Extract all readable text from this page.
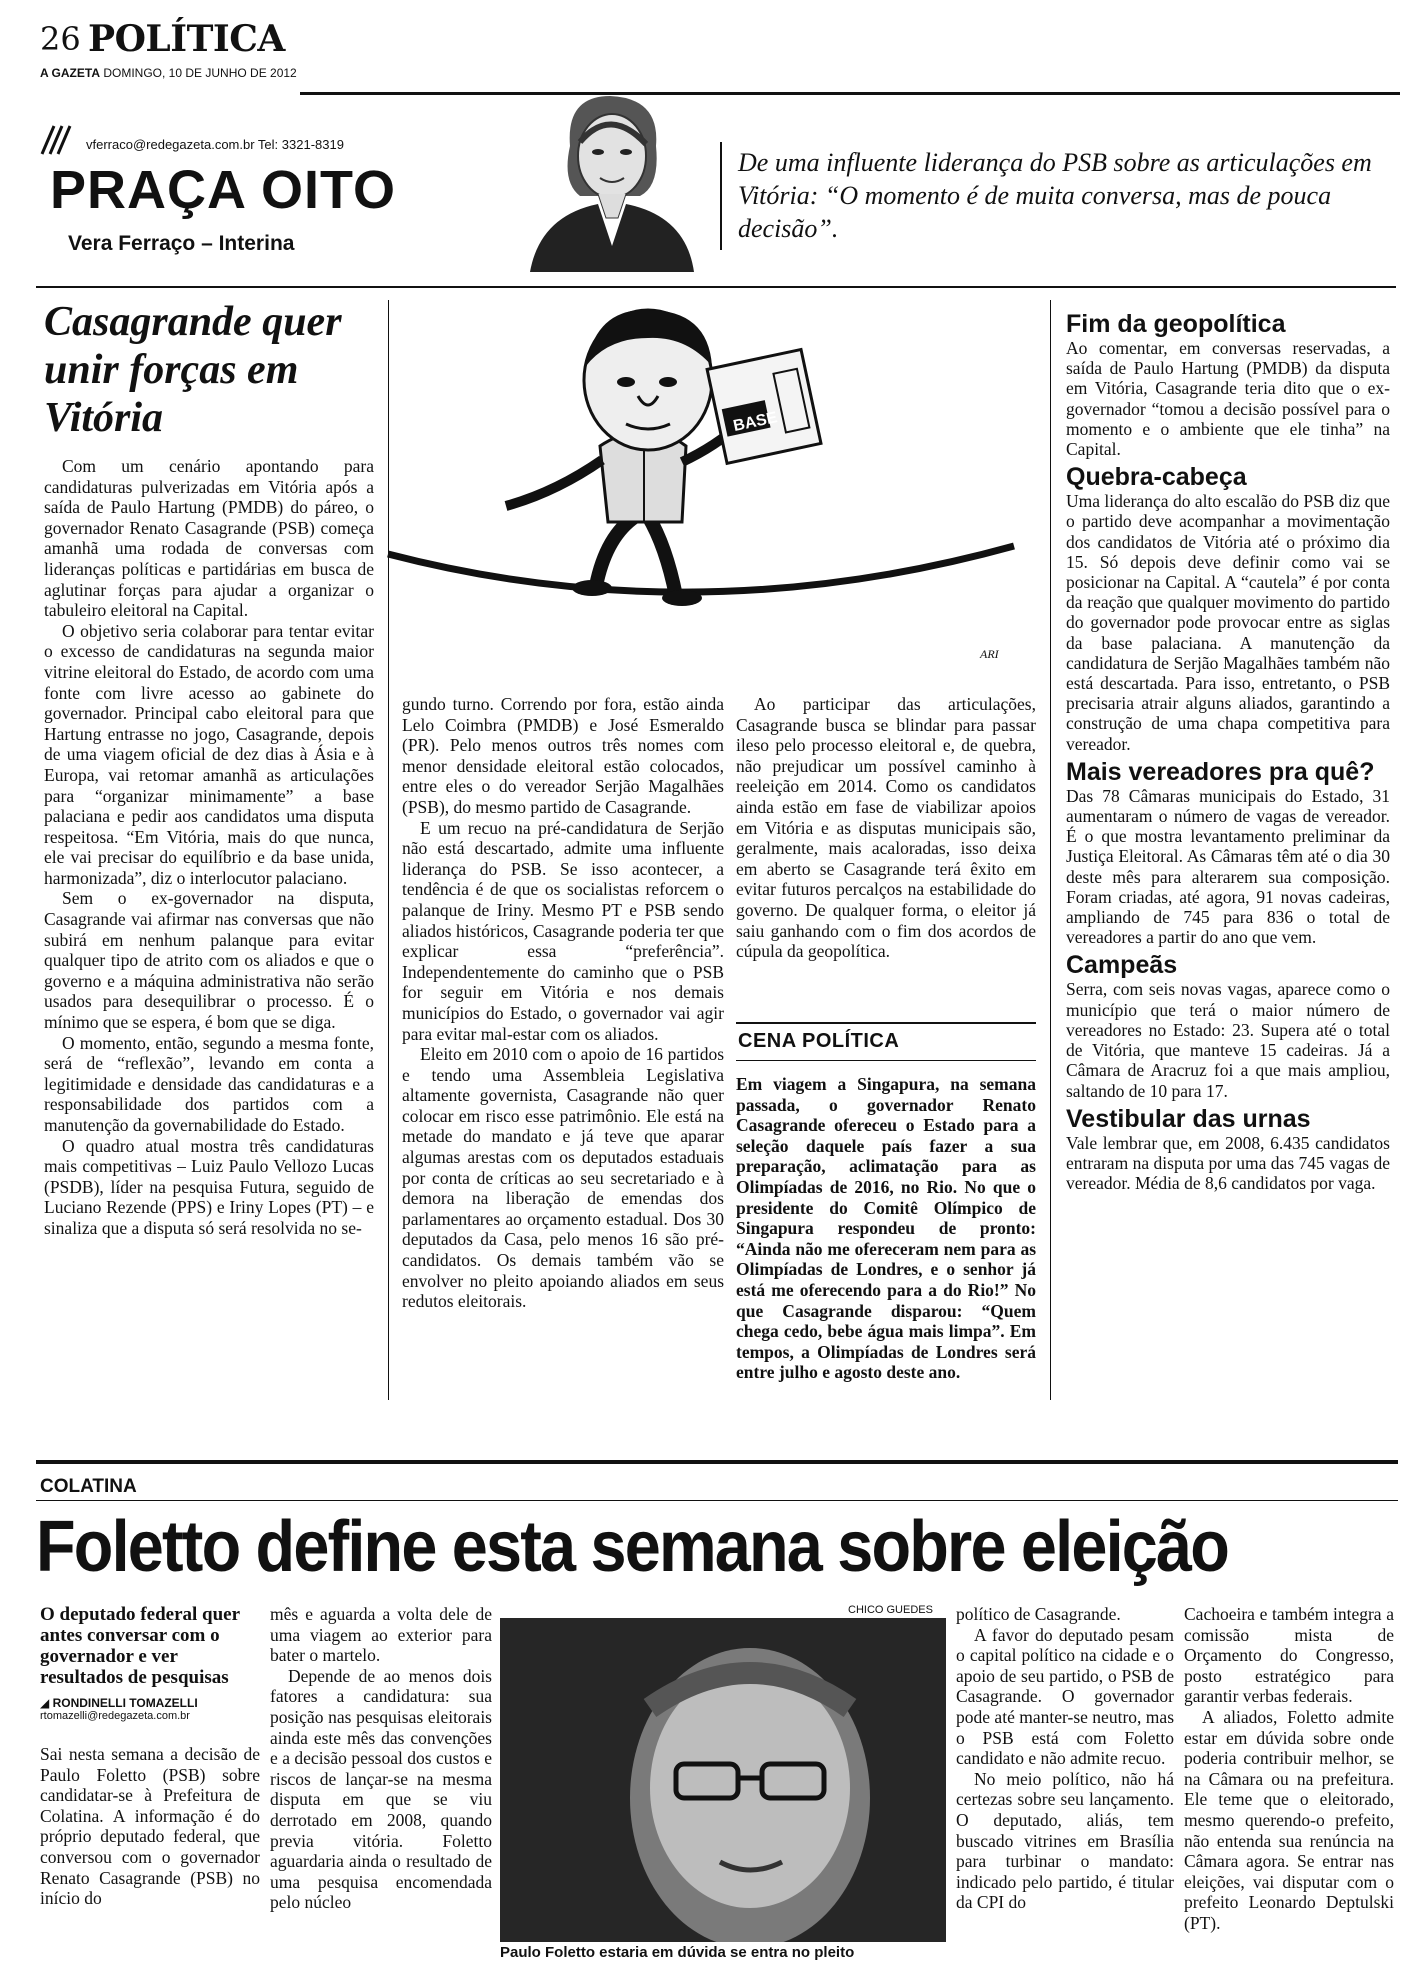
26 POLÍTICA
A GAZETA DOMINGO, 10 DE JUNHO DE 2012
vferraco@redegazeta.com.br Tel: 3321-8319
PRAÇA OITO
Vera Ferraço – Interina
De uma influente liderança do PSB sobre as articulações em Vitória: “O momento é de muita conversa, mas de pouca decisão”.
Casagrande quer unir forças em Vitória	BASE
ARI

Com um cenário apontando para candidaturas pulverizadas em Vitória após a saída de Paulo Hartung (PMDB) do páreo, o governador Renato Casagrande (PSB) começa amanhã uma rodada de conversas com lideranças políticas e partidárias em busca de aglutinar forças para ajudar a organizar o tabuleiro eleitoral na Capital.

O objetivo seria colaborar para tentar evitar o excesso de candidaturas na segunda maior vitrine eleitoral do Estado, de acordo com uma fonte com livre acesso ao gabinete do governador. Principal cabo eleitoral para que Hartung entrasse no jogo, Casagrande, depois de uma viagem oficial de dez dias à Ásia e à Europa, vai retomar amanhã as articulações para “organizar minimamente” a base palaciana e pedir aos candidatos uma disputa respeitosa. “Em Vitória, mais do que nunca, ele vai precisar do equilíbrio e da base unida, harmonizada”, diz o interlocutor palaciano.

Sem o ex-governador na disputa, Casagrande vai afirmar nas conversas que não subirá em nenhum palanque para evitar qualquer tipo de atrito com os aliados e que o governo e a máquina administrativa não serão usados para desequilibrar o processo. É o mínimo que se espera, é bom que se diga.

O momento, então, segundo a mesma fonte, será de “reflexão”, levando em conta a legitimidade e densidade das candidaturas e a responsabilidade dos partidos com a manutenção da governabilidade do Estado.

O quadro atual mostra três candidaturas mais competitivas – Luiz Paulo Vellozo Lucas (PSDB), líder na pesquisa Futura, seguido de Luciano Rezende (PPS) e Iriny Lopes (PT) – e sinaliza que a disputa só será resolvida no se-

gundo turno. Correndo por fora, estão ainda Lelo Coimbra (PMDB) e José Esmeraldo (PR). Pelo menos outros três nomes com menor densidade eleitoral estão colocados, entre eles o do vereador Serjão Magalhães (PSB), do mesmo partido de Casagrande.

E um recuo na pré-candidatura de Serjão não está descartado, admite uma influente liderança do PSB. Se isso acontecer, a tendência é de que os socialistas reforcem o palanque de Iriny. Mesmo PT e PSB sendo aliados históricos, Casagrande poderia ter que explicar essa “preferência”. Independentemente do caminho que o PSB for seguir em Vitória e nos demais municípios do Estado, o governador vai agir para evitar mal-estar com os aliados.

Eleito em 2010 com o apoio de 16 partidos e tendo uma Assembleia Legislativa altamente governista, Casagrande não quer colocar em risco esse patrimônio. Ele está na metade do mandato e já teve que aparar algumas arestas com os deputados estaduais por conta de críticas ao seu secretariado e à demora na liberação de emendas dos parlamentares ao orçamento estadual. Dos 30 deputados da Casa, pelo menos 16 são pré-candidatos. Os demais também vão se envolver no pleito apoiando aliados em seus redutos eleitorais.

Ao participar das articulações, Casagrande busca se blindar para passar ileso pelo processo eleitoral e, de quebra, não prejudicar um possível caminho à reeleição em 2014. Como os candidatos ainda estão em fase de viabilizar apoios em Vitória e as disputas municipais são, geralmente, mais acaloradas, isso deixa em aberto se Casagrande terá êxito em evitar futuros percalços na estabilidade do governo. De qualquer forma, o eleitor já saiu ganhando com o fim dos acordos de cúpula da geopolítica.

CENA POLÍTICA

Em viagem a Singapura, na semana passada, o governador Renato Casagrande ofereceu o Estado para a seleção daquele país fazer a sua preparação, aclimatação para as Olimpíadas de 2016, no Rio. No que o presidente do Comitê Olímpico de Singapura respondeu de pronto: “Ainda não me ofereceram nem para as Olimpíadas de Londres, e o senhor já está me oferecendo para a do Rio!” No que Casagrande disparou: “Quem chega cedo, bebe água mais limpa”. Em tempos, a Olimpíadas de Londres será entre julho e agosto deste ano.

Fim da geopolítica

Ao comentar, em conversas reservadas, a saída de Paulo Hartung (PMDB) da disputa em Vitória, Casagrande teria dito que o ex-governador “tomou a decisão possível para o momento e o ambiente que ele tinha” na Capital.

Quebra-cabeça

Uma liderança do alto escalão do PSB diz que o partido deve acompanhar a movimentação dos candidatos de Vitória até o próximo dia 15. Só depois deve definir como vai se posicionar na Capital. A “cautela” é por conta da reação que qualquer movimento do partido do governador pode provocar entre as siglas da base palaciana. A manutenção da candidatura de Serjão Magalhães também não está descartada. Para isso, entretanto, o PSB precisaria atrair alguns aliados, garantindo a construção de uma chapa competitiva para vereador.

Mais vereadores pra quê?

Das 78 Câmaras municipais do Estado, 31 aumentaram o número de vagas de vereador. É o que mostra levantamento preliminar da Justiça Eleitoral. As Câmaras têm até o dia 30 deste mês para alterarem sua composição. Foram criadas, até agora, 91 novas cadeiras, ampliando de 745 para 836 o total de vereadores a partir do ano que vem.

Campeãs

Serra, com seis novas vagas, aparece como o município que terá o maior número de vereadores no Estado: 23. Supera até o total de Vitória, que manteve 15 cadeiras. Já a Câmara de Aracruz foi a que mais ampliou, saltando de 10 para 17.

Vestibular das urnas

Vale lembrar que, em 2008, 6.435 candidatos entraram na disputa por uma das 745 vagas de vereador. Média de 8,6 candidatos por vaga.

COLATINA
Foletto define esta semana sobre eleição
O deputado federal quer antes conversar com o governador e ver resultados de pesquisas
◢ RONDINELLI TOMAZELLI
rtomazelli@redegazeta.com.br

Sai nesta semana a decisão de Paulo Foletto (PSB) sobre candidatar-se à Prefeitura de Colatina. A informação é do próprio deputado federal, que conversou com o governador Renato Casagrande (PSB) no início do

mês e aguarda a volta dele de uma viagem ao exterior para bater o martelo.

Depende de ao menos dois fatores a candidatura: sua posição nas pesquisas eleitorais ainda este mês das convenções e a decisão pessoal dos custos e riscos de lançar-se na mesma disputa em que se viu derrotado em 2008, quando previa vitória. Foletto aguardaria ainda o resultado de uma pesquisa encomendada pelo núcleo

CHICO GUEDES
Paulo Foletto estaria em dúvida se entra no pleito

político de Casagrande.

A favor do deputado pesam o capital político na cidade e o apoio de seu partido, o PSB de Casagrande. O governador pode até manter-se neutro, mas o PSB está com Foletto candidato e não admite recuo.

No meio político, não há certezas sobre seu lançamento. O deputado, aliás, tem buscado vitrines em Brasília para turbinar o mandato: indicado pelo partido, é titular da CPI do

Cachoeira e também integra a comissão mista de Orçamento do Congresso, posto estratégico para garantir verbas federais.

A aliados, Foletto admite estar em dúvida sobre onde poderia contribuir melhor, se na Câmara ou na prefeitura. Ele teme que o eleitorado, mesmo querendo-o prefeito, não entenda sua renúncia na Câmara agora. Se entrar nas eleições, vai disputar com o prefeito Leonardo Deptulski (PT).
